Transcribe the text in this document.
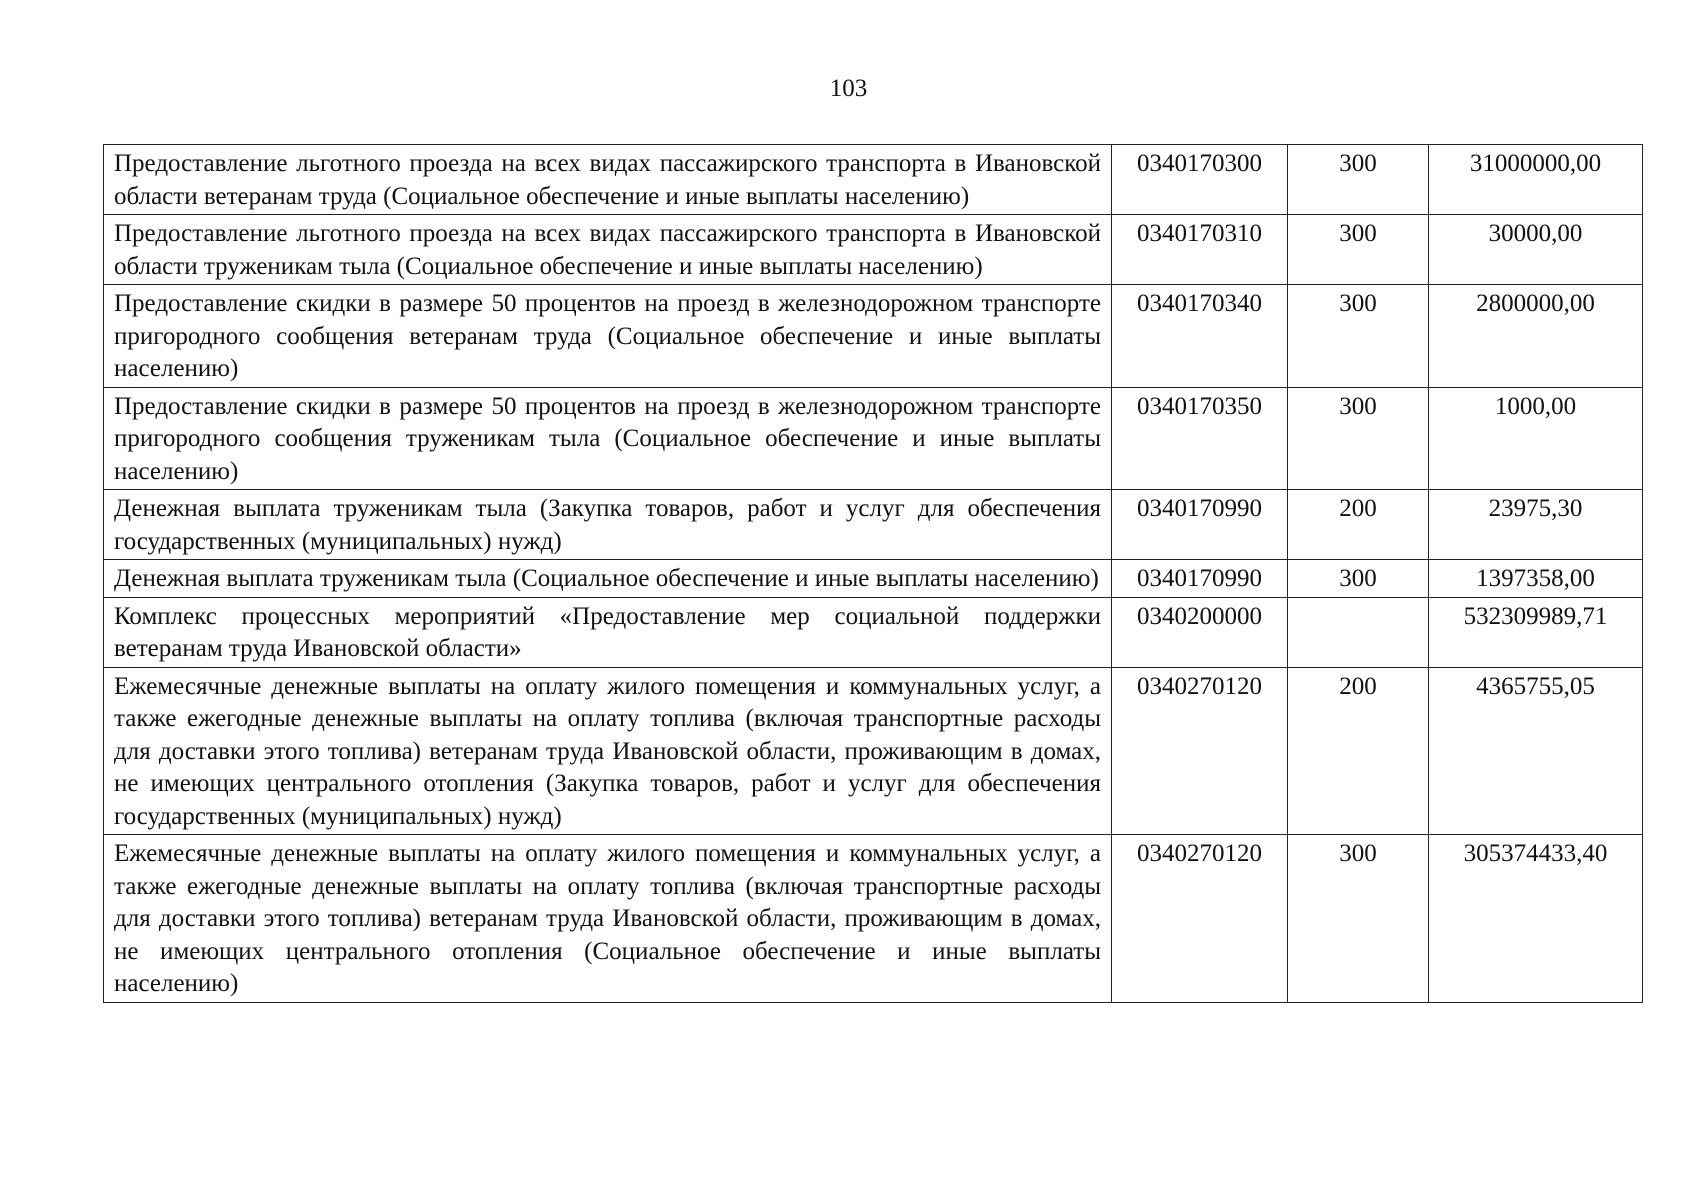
103
Предоставление льготного проезда на всех видах пассажирского транспорта в Ивановской области ветеранам труда (Социальное обеспечение и иные выплаты населению)	0340170300	300	31000000,00
Предоставление льготного проезда на всех видах пассажирского транспорта в Ивановской области труженикам тыла (Социальное обеспечение и иные выплаты населению)	0340170310	300	30000,00
Предоставление скидки в размере 50 процентов на проезд в железнодорожном транспорте пригородного сообщения ветеранам труда (Социальное обеспечение и иные выплаты населению)	0340170340	300	2800000,00
Предоставление скидки в размере 50 процентов на проезд в железнодорожном транспорте пригородного сообщения труженикам тыла (Социальное обеспечение и иные выплаты населению)	0340170350	300	1000,00
Денежная выплата труженикам тыла (Закупка товаров, работ и услуг для обеспечения государственных (муниципальных) нужд)	0340170990	200	23975,30
Денежная выплата труженикам тыла (Социальное обеспечение и иные выплаты населению)	0340170990	300	1397358,00
Комплекс процессных мероприятий «Предоставление мер социальной поддержки ветеранам труда Ивановской области»	0340200000		532309989,71
Ежемесячные денежные выплаты на оплату жилого помещения и коммунальных услуг, а также ежегодные денежные выплаты на оплату топлива (включая транспортные расходы для доставки этого топлива) ветеранам труда Ивановской области, проживающим в домах, не имеющих центрального отопления (Закупка товаров, работ и услуг для обеспечения государственных (муниципальных) нужд)	0340270120	200	4365755,05
Ежемесячные денежные выплаты на оплату жилого помещения и коммунальных услуг, а также ежегодные денежные выплаты на оплату топлива (включая транспортные расходы для доставки этого топлива) ветеранам труда Ивановской области, проживающим в домах, не имеющих центрального отопления (Социальное обеспечение и иные выплаты населению)	0340270120	300	305374433,40
